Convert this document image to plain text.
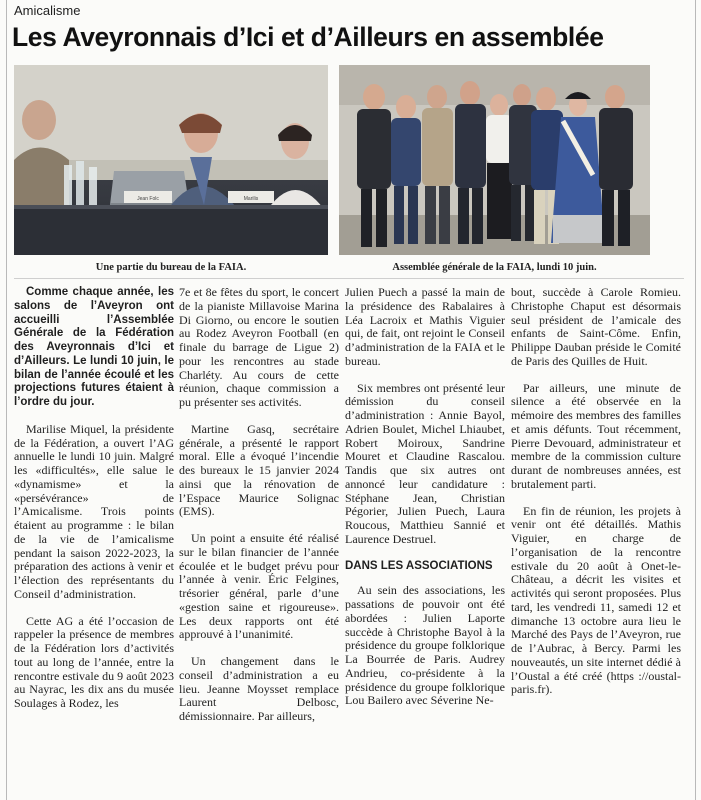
Amicalisme
Les Aveyronnais d’Ici et d’Ailleurs en assemblée
Jean Folc	Marilis
Une partie du bureau de la FAIA.	Assemblée générale de la FAIA, lundi 10 juin.

Comme chaque année, les salons de l’Aveyron ont accueilli l’Assemblée Générale de la Fédération des Aveyronnais d’Ici et d’Ailleurs. Le lundi 10 juin, le bilan de l’année écoulé et les projections futures étaient à l’ordre du jour.

Marilise Miquel, la présidente de la Fédération, a ouvert l’AG annuelle le lundi 10 juin. Malgré les «difficultés», elle salue le «dynamisme» et la «persévérance» de l’Amicalisme. Trois points étaient au programme : le bilan de la vie de l’amicalisme pendant la saison 2022-2023, la préparation des actions à venir et l’élection des représentants du Conseil d’administration.

Cette AG a été l’occasion de rappeler la présence de membres de la Fédération lors d’activités tout au long de l’année, entre la rencontre estivale du 9 août 2023 au Nayrac, les dix ans du musée Soulages à Rodez, les

7e et 8e fêtes du sport, le concert de la pianiste Millavoise Marina Di Giorno, ou encore le soutien au Rodez Aveyron Football (en finale du barrage de Ligue 2) pour les rencontres au stade Charléty. Au cours de cette réunion, chaque commission a pu présenter ses activités.

Martine Gasq, secrétaire générale, a présenté le rapport moral. Elle a évoqué l’incendie des bureaux le 15 janvier 2024 ainsi que la rénovation de l’Espace Maurice Solignac (EMS).

Un point a ensuite été réalisé sur le bilan financier de l’année écoulée et le budget prévu pour l’année à venir. Éric Felgines, trésorier général, parle d’une «gestion saine et rigoureuse». Les deux rapports ont été approuvé à l’unanimité.

Un changement dans le conseil d’administration a eu lieu. Jeanne Moysset remplace Laurent Delbosc, démissionnaire. Par ailleurs,

Julien Puech a passé la main de la présidence des Rabalaires à Léa Lacroix et Mathis Viguier qui, de fait, ont rejoint le Conseil d’administration de la FAIA et le bureau.

Six membres ont présenté leur démission du conseil d’administration : Annie Bayol, Adrien Boulet, Michel Lhiaubet, Robert Moiroux, Sandrine Mouret et Claudine Rascalou. Tandis que six autres ont annoncé leur candidature : Stéphane Jean, Christian Pégorier, Julien Puech, Laura Roucous, Matthieu Sannié et Laurence Destruel.

DANS LES ASSOCIATIONS

Au sein des associations, les passations de pouvoir ont été abordées : Julien Laporte succède à Christophe Bayol à la présidence du groupe folklorique La Bourrée de Paris. Audrey Andrieu, co-présidente à la présidence du groupe folklorique Lou Bailero avec Séverine Ne-

bout, succède à Carole Romieu. Christophe Chaput est désormais seul président de l’amicale des enfants de Saint-Côme. Enfin, Philippe Dauban préside le Comité de Paris des Quilles de Huit.

Par ailleurs, une minute de silence a été observée en la mémoire des membres des familles et amis défunts. Tout récemment, Pierre Devouard, administrateur et membre de la commission culture durant de nombreuses années, est brutalement parti.

En fin de réunion, les projets à venir ont été détaillés. Mathis Viguier, en charge de l’organisation de la rencontre estivale du 20 août à Onet-le-Château, a décrit les visites et activités qui seront proposées. Plus tard, les vendredi 11, samedi 12 et dimanche 13 octobre aura lieu le Marché des Pays de l’Aveyron, rue de l’Aubrac, à Bercy. Parmi les nouveautés, un site internet dédié à l’Oustal a été créé (https ://oustal-paris.fr).
